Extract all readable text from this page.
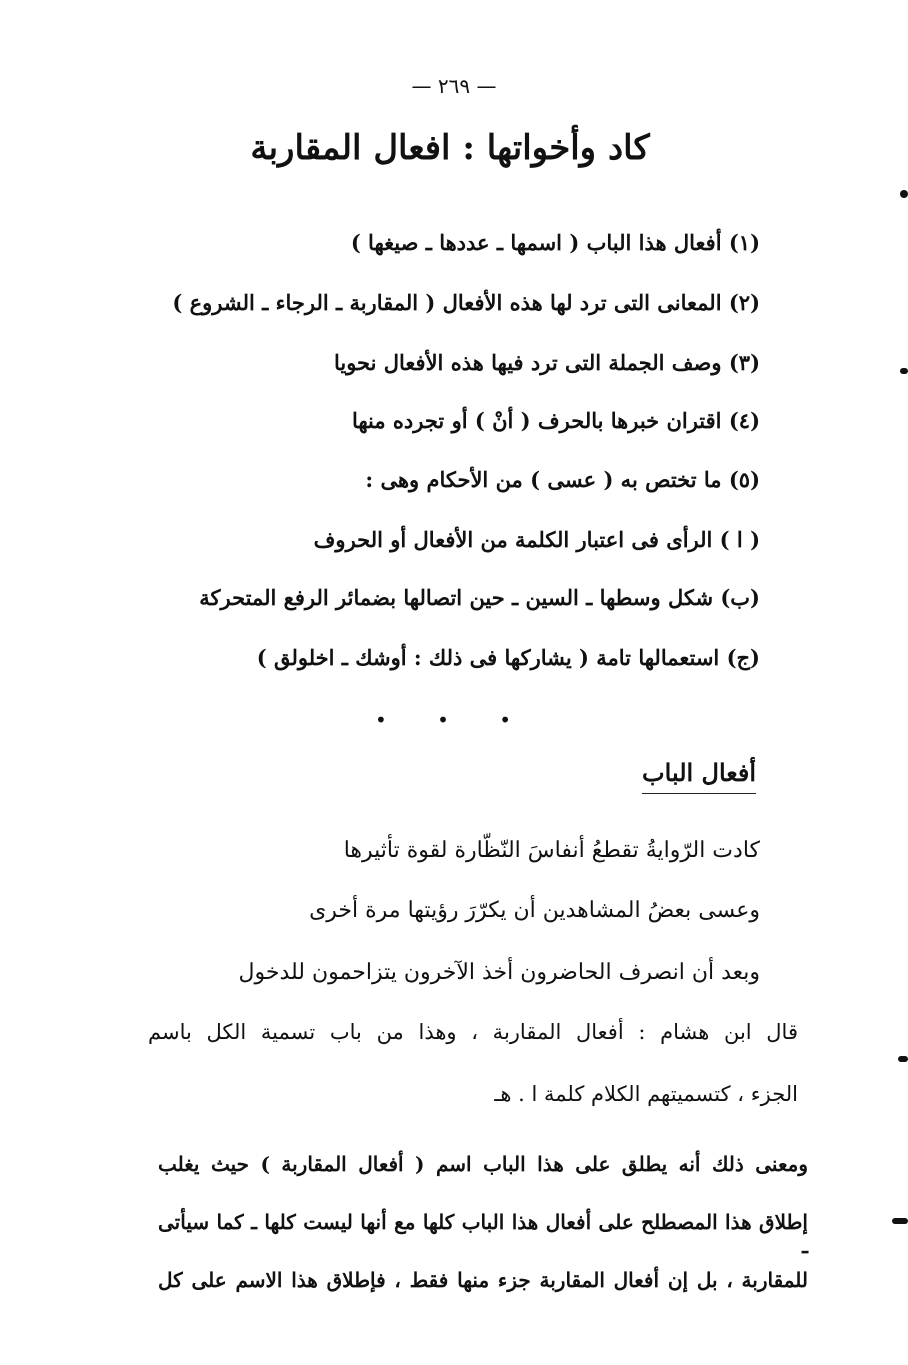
— ٢٦٩ —
كاد وأخواتها : افعال المقاربة
(١) أفعال هذا الباب ( اسمها ـ عددها ـ صيغها )
(٢) المعانى التى ترد لها هذه الأفعال ( المقاربة ـ الرجاء ـ الشروع )
(٣) وصف الجملة التى ترد فيها هذه الأفعال نحويا
(٤) اقتران خبرها بالحرف ( أنْ ) أو تجرده منها
(٥) ما تختص به ( عسى ) من الأحكام وهى :
( ا ) الرأى فى اعتبار الكلمة من الأفعال أو الحروف
(ب) شكل وسطها ـ السين ـ حين اتصالها بضمائر الرفع المتحركة
(ج) استعمالها تامة ( يشاركها فى ذلك : أوشك ـ اخلولق )
• • •
أفعال الباب
كادت الرّوايةُ تقطعُ أنفاسَ النّظّارة لقوة تأثيرها
وعسى بعضُ المشاهدين أن يكرّرَ رؤيتها مرة أخرى
وبعد أن انصرف الحاضرون أخذ الآخرون يتزاحمون للدخول
قال ابن هشام : أفعال المقاربة ، وهذا من باب تسمية الكل باسم
الجزء ، كتسميتهم الكلام كلمة ا . هـ
ومعنى ذلك أنه يطلق على هذا الباب اسم ( أفعال المقاربة ) حيث يغلب
إطلاق هذا المصطلح على أفعال هذا الباب كلها مع أنها ليست كلها ـ كما سيأتى ـ
للمقاربة ، بل إن أفعال المقاربة جزء منها فقط ، فإطلاق هذا الاسم على كل
